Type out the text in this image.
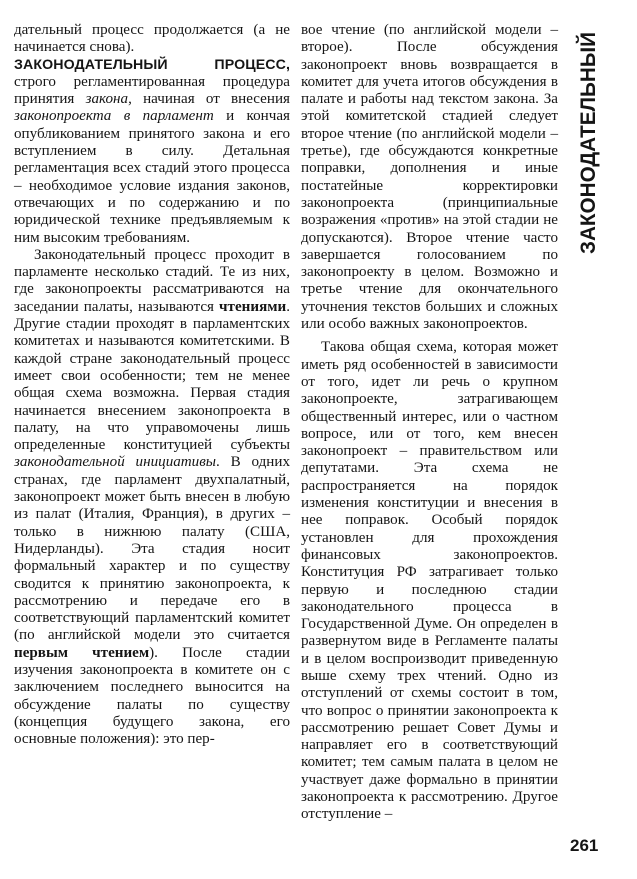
дательный процесс продолжается (а не начинается снова).

ЗАКОНОДАТЕЛЬНЫЙ ПРОЦЕСС, строго регламентированная процедура принятия закона, начиная от внесения законопроекта в парламент и кончая опубликованием принятого закона и его вступлением в силу. Детальная регламентация всех стадий этого процесса – необходимое условие издания законов, отвечающих и по содержанию и по юридической технике предъявляемым к ним высоким требованиям.

Законодательный процесс проходит в парламенте несколько стадий. Те из них, где законопроекты рассматриваются на заседании палаты, называются чтениями. Другие стадии проходят в парламентских комитетах и называются комитетскими. В каждой стране законодательный процесс имеет свои особенности; тем не менее общая схема возможна. Первая стадия начинается внесением законопроекта в палату, на что управомочены лишь определенные конституцией субъекты законодательной инициативы. В одних странах, где парламент двухпалатный, законопроект может быть внесен в любую из палат (Италия, Франция), в других – только в нижнюю палату (США, Нидерланды). Эта стадия носит формальный характер и по существу сводится к принятию законопроекта, к рассмотрению и передаче его в соответствующий парламентский комитет (по английской модели это считается первым чтением). После стадии изучения законопроекта в комитете он с заключением последнего выносится на обсуждение палаты по существу (концепция будущего закона, его основные положения): это пер-

вое чтение (по английской модели – второе). После обсуждения законопроект вновь возвращается в комитет для учета итогов обсуждения в палате и работы над текстом закона. За этой комитетской стадией следует второе чтение (по английской модели – третье), где обсуждаются конкретные поправки, дополнения и иные постатейные корректировки законопроекта (принципиальные возражения «против» на этой стадии не допускаются). Второе чтение часто завершается голосованием по законопроекту в целом. Возможно и третье чтение для окончательного уточнения текстов больших и сложных или особо важных законопроектов.

Такова общая схема, которая может иметь ряд особенностей в зависимости от того, идет ли речь о крупном законопроекте, затрагивающем общественный интерес, или о частном вопросе, или от того, кем внесен законопроект – правительством или депутатами. Эта схема не распространяется на порядок изменения конституции и внесения в нее поправок. Особый порядок установлен для прохождения финансовых законопроектов. Конституция РФ затрагивает только первую и последнюю стадии законодательного процесса в Государственной Думе. Он определен в развернутом виде в Регламенте палаты и в целом воспроизводит приведенную выше схему трех чтений. Одно из отступлений от схемы состоит в том, что вопрос о принятии законопроекта к рассмотрению решает Совет Думы и направляет его в соответствующий комитет; тем самым палата в целом не участвует даже формально в принятии законопроекта к рассмотрению. Другое отступление –

ЗАКОНОДАТЕЛЬНЫЙ
261
